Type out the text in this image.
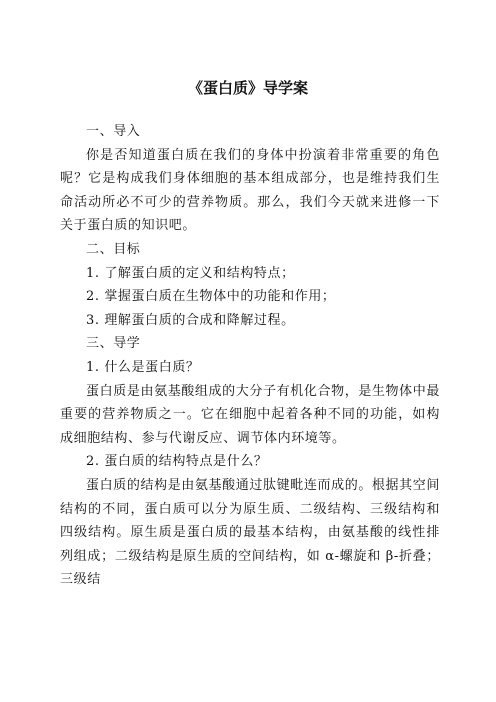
《蛋白质》导学案

一、导入

你是否知道蛋白质在我们的身体中扮演着非常重要的角色呢？它是构成我们身体细胞的基本组成部分，也是维持我们生命活动所必不可少的营养物质。那么，我们今天就来进修一下关于蛋白质的知识吧。

二、目标

1. 了解蛋白质的定义和结构特点；

2. 掌握蛋白质在生物体中的功能和作用；

3. 理解蛋白质的合成和降解过程。

三、导学

1. 什么是蛋白质？

蛋白质是由氨基酸组成的大分子有机化合物，是生物体中最重要的营养物质之一。它在细胞中起着各种不同的功能，如构成细胞结构、参与代谢反应、调节体内环境等。

2. 蛋白质的结构特点是什么？

蛋白质的结构是由氨基酸通过肽键毗连而成的。根据其空间结构的不同，蛋白质可以分为原生质、二级结构、三级结构和四级结构。原生质是蛋白质的最基本结构，由氨基酸的线性排列组成；二级结构是原生质的空间结构，如 α-螺旋和 β-折叠；三级结
